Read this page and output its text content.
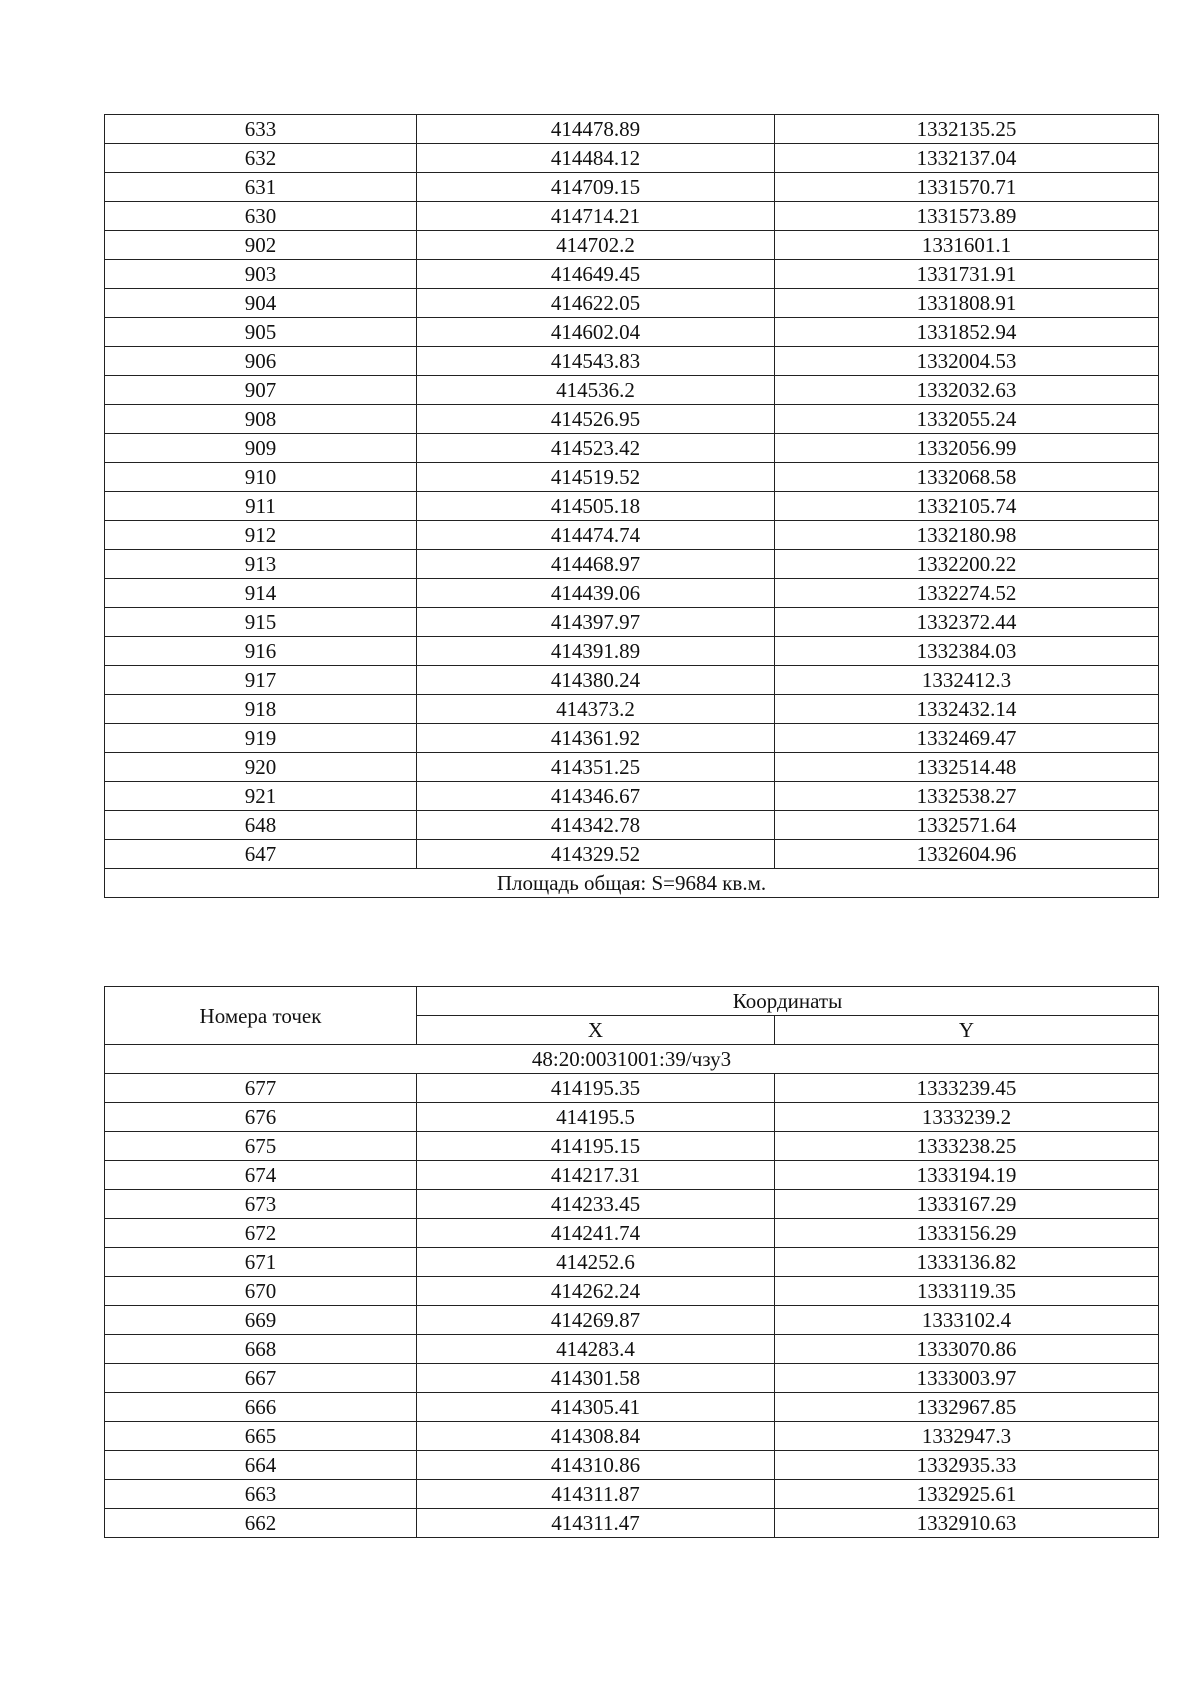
633	414478.89	1332135.25
632	414484.12	1332137.04
631	414709.15	1331570.71
630	414714.21	1331573.89
902	414702.2	1331601.1
903	414649.45	1331731.91
904	414622.05	1331808.91
905	414602.04	1331852.94
906	414543.83	1332004.53
907	414536.2	1332032.63
908	414526.95	1332055.24
909	414523.42	1332056.99
910	414519.52	1332068.58
911	414505.18	1332105.74
912	414474.74	1332180.98
913	414468.97	1332200.22
914	414439.06	1332274.52
915	414397.97	1332372.44
916	414391.89	1332384.03
917	414380.24	1332412.3
918	414373.2	1332432.14
919	414361.92	1332469.47
920	414351.25	1332514.48
921	414346.67	1332538.27
648	414342.78	1332571.64
647	414329.52	1332604.96
Площадь общая: S=9684 кв.м.		
Номера точек	Координаты	
	X	Y
48:20:0031001:39/чзу3		
677	414195.35	1333239.45
676	414195.5	1333239.2
675	414195.15	1333238.25
674	414217.31	1333194.19
673	414233.45	1333167.29
672	414241.74	1333156.29
671	414252.6	1333136.82
670	414262.24	1333119.35
669	414269.87	1333102.4
668	414283.4	1333070.86
667	414301.58	1333003.97
666	414305.41	1332967.85
665	414308.84	1332947.3
664	414310.86	1332935.33
663	414311.87	1332925.61
662	414311.47	1332910.63
